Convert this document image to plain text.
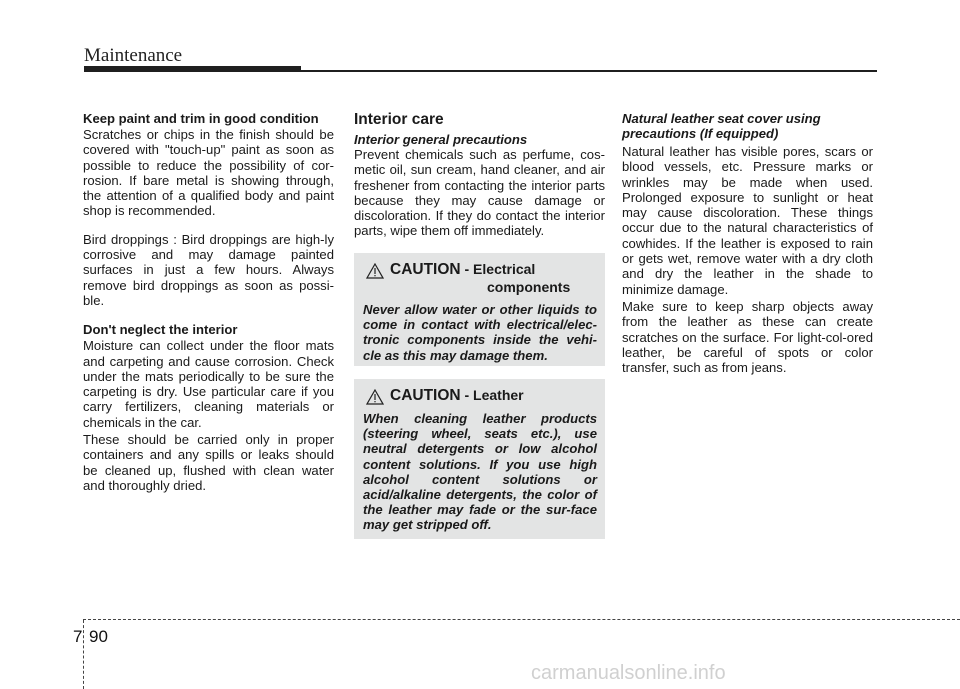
Maintenance
Keep paint and trim in good condition

Scratches or chips in the finish should be covered with "touch-up" paint as soon as possible to reduce the possibility of cor-rosion. If bare metal is showing through, the attention of a qualified body and paint shop is recommended.

Bird droppings : Bird droppings are high-ly corrosive and may damage painted surfaces in just a few hours. Always remove bird droppings as soon as possi-ble.

Don't neglect the interior

Moisture can collect under the floor mats and carpeting and cause corrosion. Check under the mats periodically to be sure the carpeting is dry. Use particular care if you carry fertilizers, cleaning materials or chemicals in the car.

These should be carried only in proper containers and any spills or leaks should be cleaned up, flushed with clean water and thoroughly dried.

Interior care
Interior general precautions

Prevent chemicals such as perfume, cos-metic oil, sun cream, hand cleaner, and air freshener from contacting the interior parts because they may cause damage or discoloration. If they do contact the interior parts, wipe them off immediately.

CAUTION - Electrical
components

Never allow water or other liquids to come in contact with electrical/elec-tronic components inside the vehi-cle as this may damage them.

CAUTION - Leather

When cleaning leather products (steering wheel, seats etc.), use neutral detergents or low alcohol content solutions. If you use high alcohol content solutions or acid/alkaline detergents, the color of the leather may fade or the sur-face may get stripped off.

Natural leather seat cover using precautions (If equipped)

Natural leather has visible pores, scars or blood vessels, etc. Pressure marks or wrinkles may be made when used. Prolonged exposure to sunlight or heat may cause discoloration. These things occur due to the natural characteristics of cowhides. If the leather is exposed to rain or gets wet, remove water with a dry cloth and dry the leather in the shade to minimize damage.

Make sure to keep sharp objects away from the leather as these can create scratches on the surface. For light-col-ored leather, be careful of spots or color transfer, such as from jeans.

7 90
carmanualsonline.info
